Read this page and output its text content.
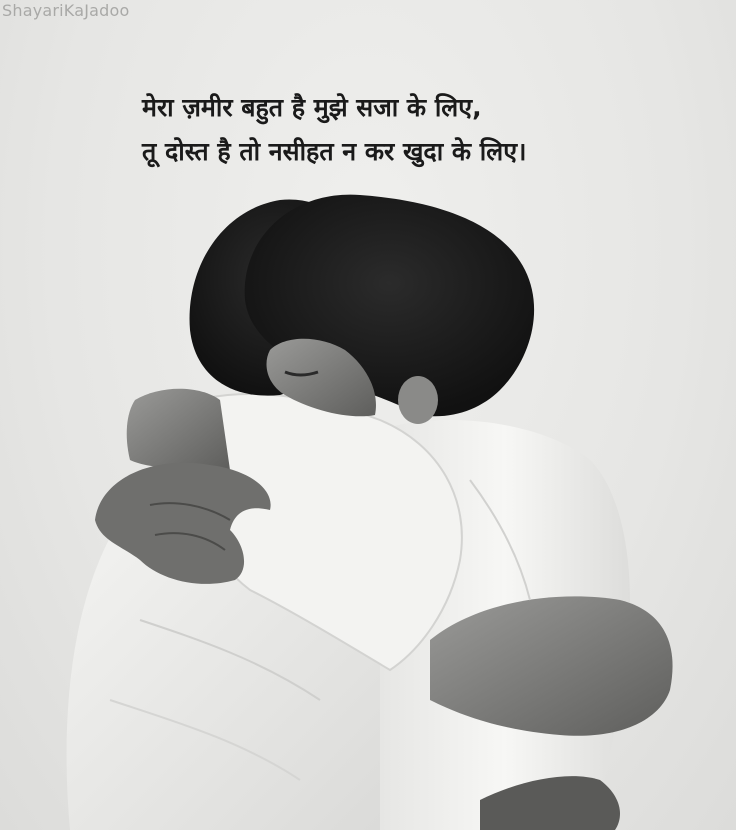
ShayariKaJadoo
मेरा ज़मीर बहुत है मुझे सजा के लिए,
तू दोस्त है तो नसीहत न कर खुदा के लिए।
